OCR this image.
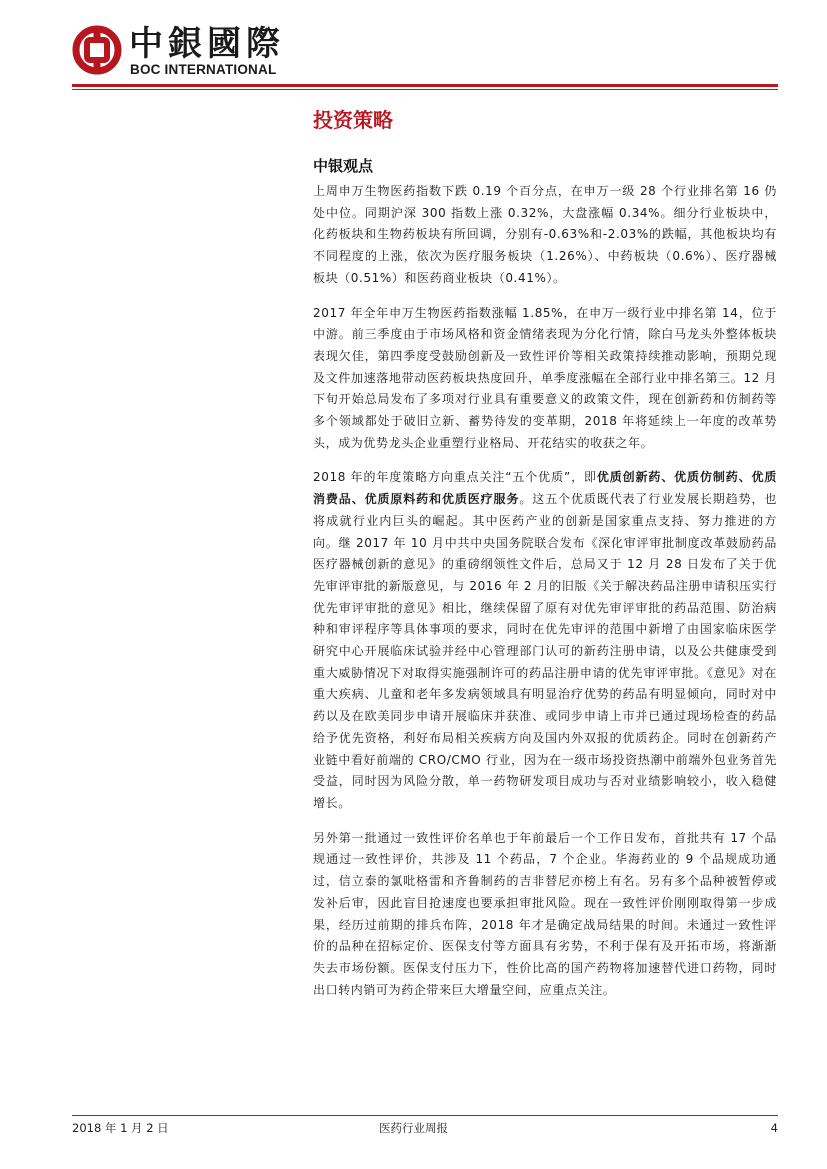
中銀國際
BOC INTERNATIONAL
投资策略
中银观点

上周申万生物医药指数下跌 0.19 个百分点，在申万一级 28 个行业排名第 16 仍处中位。同期沪深 300 指数上涨 0.32%，大盘涨幅 0.34%。细分行业板块中，化药板块和生物药板块有所回调，分别有-0.63%和-2.03%的跌幅，其他板块均有不同程度的上涨，依次为医疗服务板块（1.26%）、中药板块（0.6%）、医疗器械板块（0.51%）和医药商业板块（0.41%）。

2017 年全年申万生物医药指数涨幅 1.85%，在申万一级行业中排名第 14，位于中游。前三季度由于市场风格和资金情绪表现为分化行情，除白马龙头外整体板块表现欠佳，第四季度受鼓励创新及一致性评价等相关政策持续推动影响，预期兑现及文件加速落地带动医药板块热度回升，单季度涨幅在全部行业中排名第三。12 月下旬开始总局发布了多项对行业具有重要意义的政策文件，现在创新药和仿制药等多个领域都处于破旧立新、蓄势待发的变革期，2018 年将延续上一年度的改革势头，成为优势龙头企业重塑行业格局、开花结实的收获之年。

2018 年的年度策略方向重点关注“五个优质”，即优质创新药、优质仿制药、优质消费品、优质原料药和优质医疗服务。这五个优质既代表了行业发展长期趋势，也将成就行业内巨头的崛起。其中医药产业的创新是国家重点支持、努力推进的方向。继 2017 年 10 月中共中央国务院联合发布《深化审评审批制度改革鼓励药品医疗器械创新的意见》的重磅纲领性文件后，总局又于 12 月 28 日发布了关于优先审评审批的新版意见，与 2016 年 2 月的旧版《关于解决药品注册申请积压实行优先审评审批的意见》相比，继续保留了原有对优先审评审批的药品范围、防治病种和审评程序等具体事项的要求，同时在优先审评的范围中新增了由国家临床医学研究中心开展临床试验并经中心管理部门认可的新药注册申请，以及公共健康受到重大威胁情况下对取得实施强制许可的药品注册申请的优先审评审批。《意见》对在重大疾病、儿童和老年多发病领域具有明显治疗优势的药品有明显倾向，同时对中药以及在欧美同步申请开展临床并获准、或同步申请上市并已通过现场检查的药品给予优先资格，利好布局相关疾病方向及国内外双报的优质药企。同时在创新药产业链中看好前端的 CRO/CMO 行业，因为在一级市场投资热潮中前端外包业务首先受益，同时因为风险分散，单一药物研发项目成功与否对业绩影响较小，收入稳健增长。

另外第一批通过一致性评价名单也于年前最后一个工作日发布，首批共有 17 个品规通过一致性评价，共涉及 11 个药品，7 个企业。华海药业的 9 个品规成功通过，信立泰的氯吡格雷和齐鲁制药的吉非替尼亦榜上有名。另有多个品种被暂停或发补后审，因此盲目抢速度也要承担审批风险。现在一致性评价刚刚取得第一步成果，经历过前期的排兵布阵，2018 年才是确定战局结果的时间。未通过一致性评价的品种在招标定价、医保支付等方面具有劣势，不利于保有及开拓市场，将渐渐失去市场份额。医保支付压力下，性价比高的国产药物将加速替代进口药物，同时出口转内销可为药企带来巨大增量空间，应重点关注。

2018 年 1 月 2 日	医药行业周报	4
